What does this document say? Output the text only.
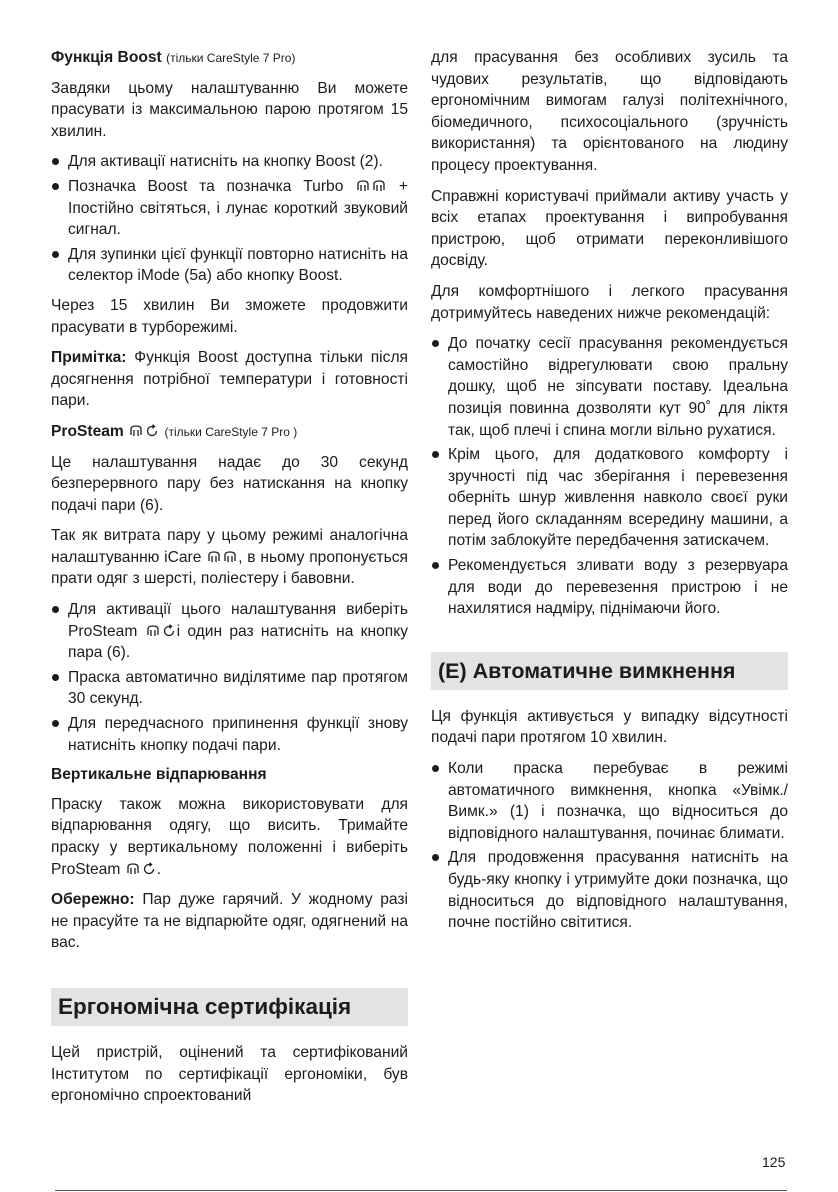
Функція Boost (тільки CareStyle 7 Pro)

Завдяки цьому налаштуванню Ви можете прасувати із максимальною парою протягом 15 хвилин.

Для активації натисніть на кнопку Boost (2).
Позначка Boost та позначка Turbo	+ Іпостійно світяться, і лунає короткий звуковий сигнал.
Для зупинки цієї функції повторно натисніть на селектор iMode (5a) або кнопку Boost.

Через 15 хвилин Ви зможете продовжити прасувати в турборежимі.

Примітка: Функція Boost доступна тільки після досягнення потрібної температури і готовності пари.

ProSteam	(тільки CareStyle 7 Pro )

Це налаштування надає до 30 секунд безперервного пару без натискання на кнопку подачі пари (6).

Так як витрата пару у цьому режимі аналогічна налаштуванню iCare , в ньому пропонується прати одяг з шерсті, поліестеру і бавовни.

Для активації цього налаштування виберіть ProSteam	і один раз натисніть на кнопку пара (6).
Праска автоматично виділятиме пар протягом 30 секунд.
Для передчасного припинення функції знову натисніть кнопку подачі пари.
Вертикальне відпарювання

Праску також можна використовувати для відпарювання одягу, що висить. Тримайте праску у вертикальному положенні і виберіть ProSteam .

Обережно: Пар дуже гарячий. У жодному разі не прасуйте та не відпарюйте одяг, одягнений на вас.

Ергономічна сертифікація

Цей пристрій, оцінений та сертифікований Інститутом по сертифікації ергономіки, був ергономічно спроектований

для прасування без особливих зусиль та чудових результатів, що відповідають ергономічним вимогам галузі політехнічного, біомедичного, психосоціального (зручність використання) та орієнтованого на людину процесу проектування.

Справжні користувачі приймали активу участь у всіх етапах проектування і випробування пристрою, щоб отримати переконливішого досвіду.

Для комфортнішого і легкого прасування дотримуйтесь наведених нижче рекомендацій:

До початку сесії прасування рекомендується самостійно відрегулювати свою пральну дошку, щоб не зіпсувати поставу. Ідеальна позиція повинна дозволяти кут 90˚ для ліктя так, щоб плечі і спина могли вільно рухатися.
Крім цього, для додаткового комфорту і зручності під час зберігання і перевезення оберніть шнур живлення навколо своєї руки перед його складанням всередину машини, а потім заблокуйте передбачення затискачем.
Рекомендується зливати воду з резервуара для води до перевезення пристрою і не нахилятися надміру, піднімаючи його.
(E) Автоматичне вимкнення

Ця функція активується у випадку відсутності подачі пари протягом 10 хвилин.

Коли праска перебуває в режимі автоматичного вимкнення, кнопка «Увімк./Вимк.» (1) і позначка, що відноситься до відповідного налаштування, починає блимати.
Для продовження прасування натисніть на будь-яку кнопку і утримуйте доки позначка, що відноситься до відповідного налаштування, почне постійно світитися.
125
